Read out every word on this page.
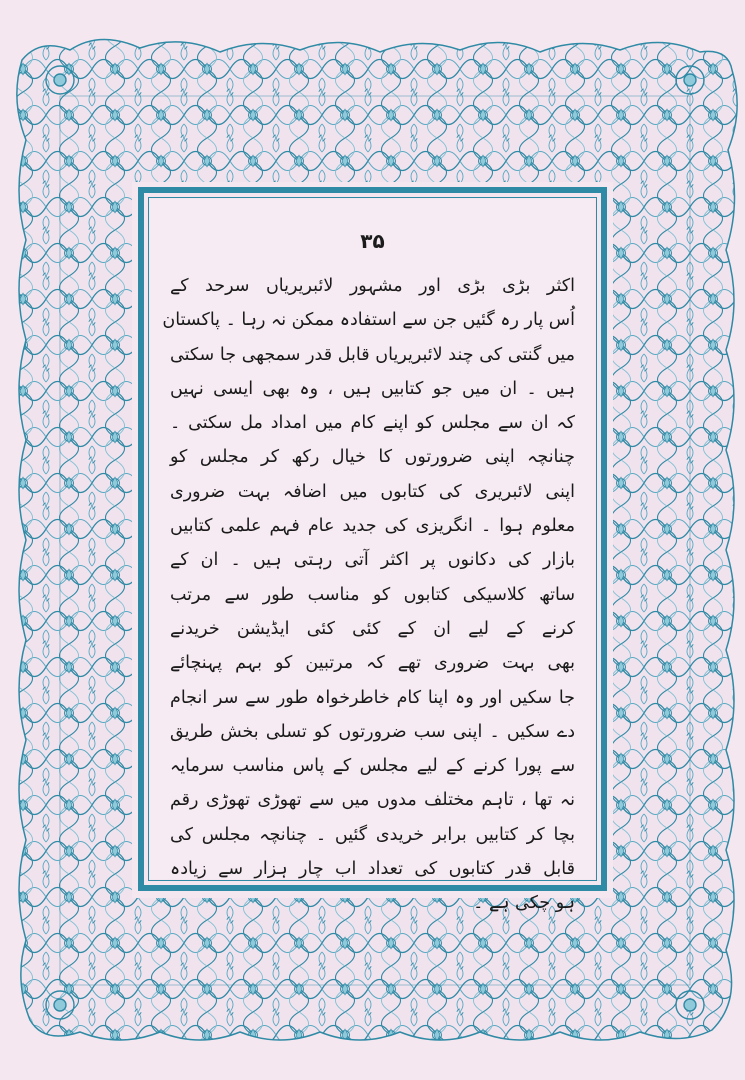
۳۵
اکثر بڑی بڑی اور مشہور لائبریریاں سرحد کے
اُس پار رہ گئیں جن سے استفادہ ممکن نہ رہا ۔ پاکستان
میں گنتی کی چند لائبریریاں قابل قدر سمجھی جا سکتی
ہیں ۔ ان میں جو کتابیں ہیں ، وہ بھی ایسی نہیں
کہ ان سے مجلس کو اپنے کام میں امداد مل سکتی ۔
چنانچہ اپنی ضرورتوں کا خیال رکھ کر مجلس کو
اپنی لائبریری کی کتابوں میں اضافہ بہت ضروری
معلوم ہوا ۔ انگریزی کی جدید عام فہم علمی کتابیں
بازار کی دکانوں پر اکثر آتی رہتی ہیں ۔ ان کے
ساتھ کلاسیکی کتابوں کو مناسب طور سے مرتب
کرنے کے لیے ان کے کئی کئی ایڈیشن خریدنے
بھی بہت ضروری تھے کہ مرتبین کو بہم پہنچائے
جا سکیں اور وہ اپنا کام خاطرخواہ طور سے سر انجام
دے سکیں ۔ اپنی سب ضرورتوں کو تسلی بخش طریق
سے پورا کرنے کے لیے مجلس کے پاس مناسب سرمایہ
نہ تھا ، تاہم مختلف مدوں میں سے تھوڑی تھوڑی رقم
بچا کر کتابیں برابر خریدی گئیں ۔ چنانچہ مجلس کی
قابل قدر کتابوں کی تعداد اب چار ہزار سے زیادہ
ہو چکی ہے ۔
